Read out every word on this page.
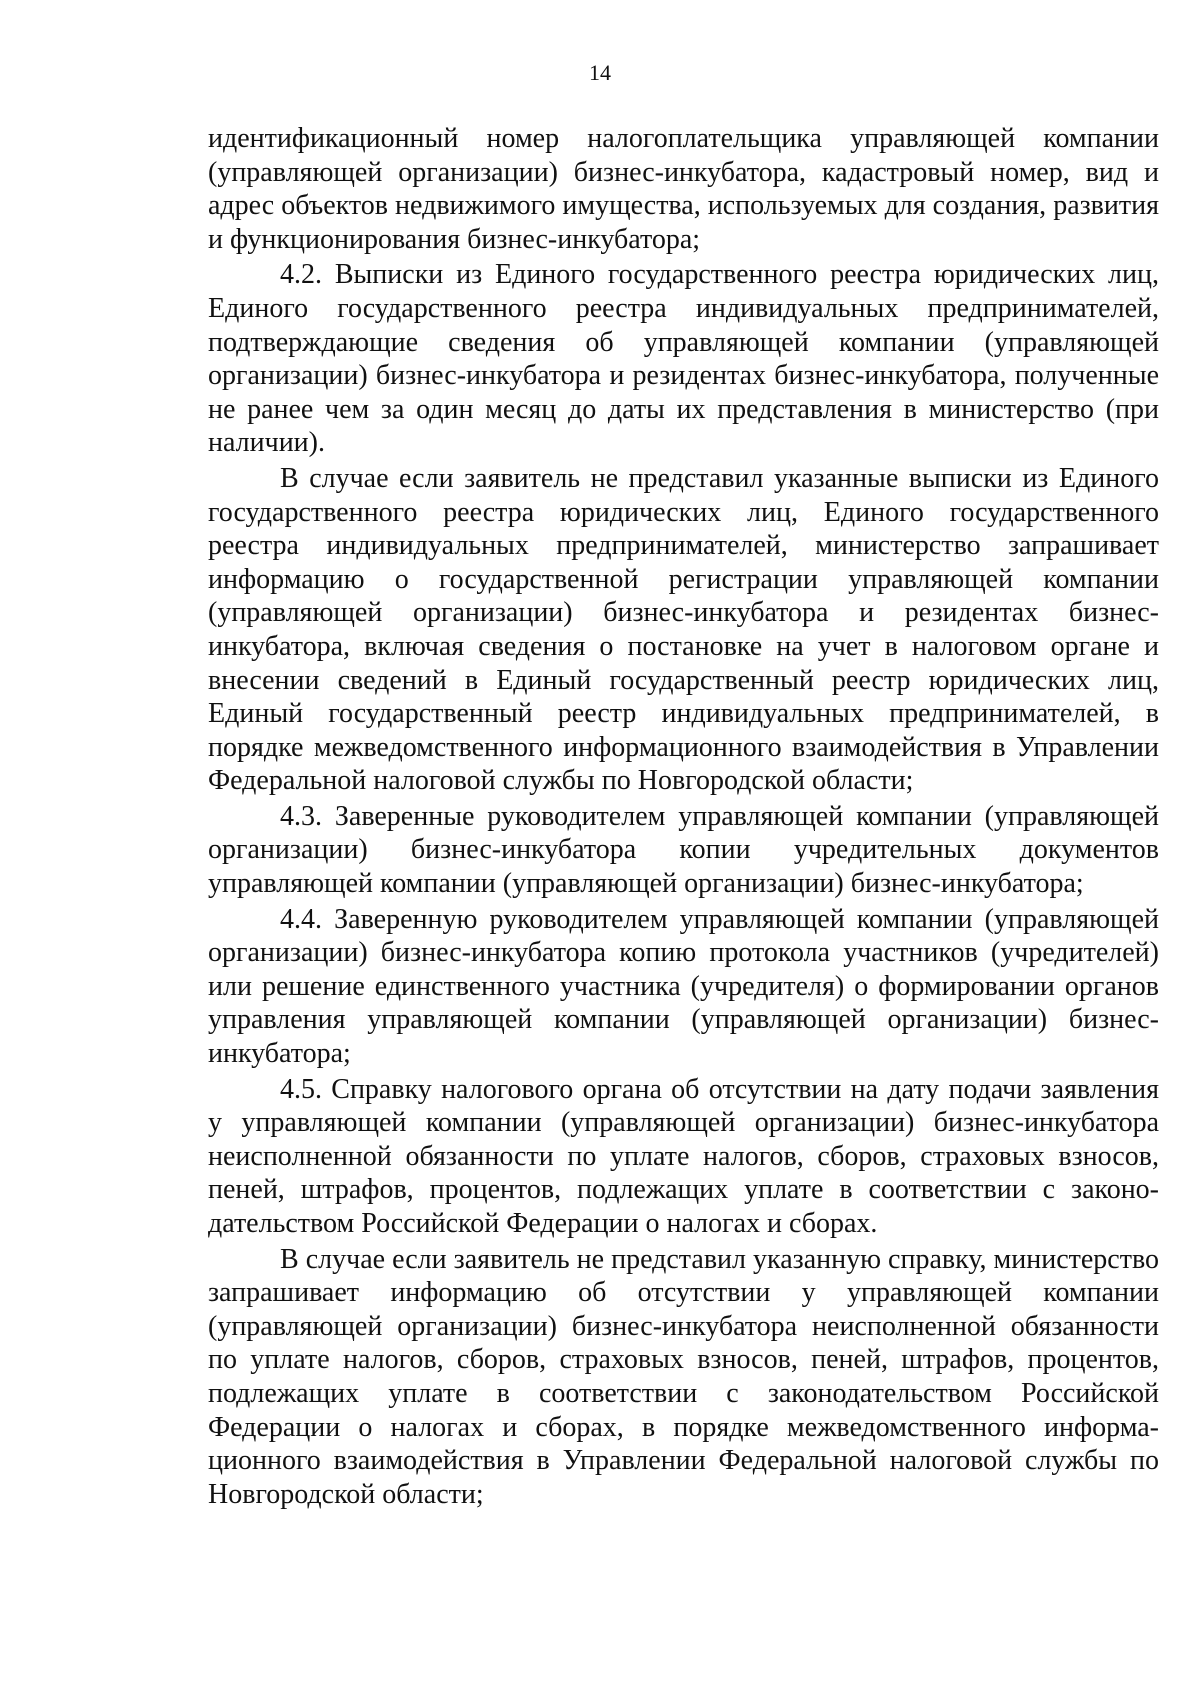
14

идентификационный номер налогоплательщика управляющей компании (управляющей организации) бизнес-инкубатора, кадастровый номер, вид и адрес объектов недвижимого имущества, используемых для создания, развития и функционирования бизнес-инкубатора;

4.2. Выписки из Единого государственного реестра юридических лиц, Единого государственного реестра индивидуальных предпринимателей, подтверждающие сведения об управляющей компании (управляющей организации) бизнес-инкубатора и резидентах бизнес-инкубатора, полученные не ранее чем за один месяц до даты их представления в министерство (при наличии).

В случае если заявитель не представил указанные выписки из Единого государственного реестра юридических лиц, Единого государственного реестра индивидуальных предпринимателей, министерство запрашивает информацию о государственной регистрации управляющей компании (управляющей организации) бизнес-инкубатора и резидентах бизнес-инкубатора, включая сведения о постановке на учет в налоговом органе и внесении сведений в Единый государственный реестр юридических лиц, Единый государственный реестр индивидуальных предпринимателей, в порядке межведомственного информационного взаимодействия в Управлении Федеральной налоговой службы по Новгородской области;

4.3. Заверенные руководителем управляющей компании (управляющей организации) бизнес-инкубатора копии учредительных документов управляющей компании (управляющей организации) бизнес-инкубатора;

4.4. Заверенную руководителем управляющей компании (управляющей организации) бизнес-инкубатора копию протокола участников (учредителей) или решение единственного участника (учредителя) о формировании органов управления управляющей компании (управляющей организации) бизнес-инкубатора;

4.5. Справку налогового органа об отсутствии на дату подачи заявления у управляющей компании (управляющей организации) бизнес-инкубатора неисполненной обязанности по уплате налогов, сборов, страховых взносов, пеней, штрафов, процентов, подлежащих уплате в соответствии с законодательством Российской Федерации о налогах и сборах.

В случае если заявитель не представил указанную справку, министерство запрашивает информацию об отсутствии у управляющей компании (управляющей организации) бизнес-инкубатора неисполненной обязанности по уплате налогов, сборов, страховых взносов, пеней, штрафов, процентов, подлежащих уплате в соответствии с законодательством Российской Федерации о налогах и сборах, в порядке межведомственного информационного взаимодействия в Управлении Федеральной налоговой службы по Новгородской области;
